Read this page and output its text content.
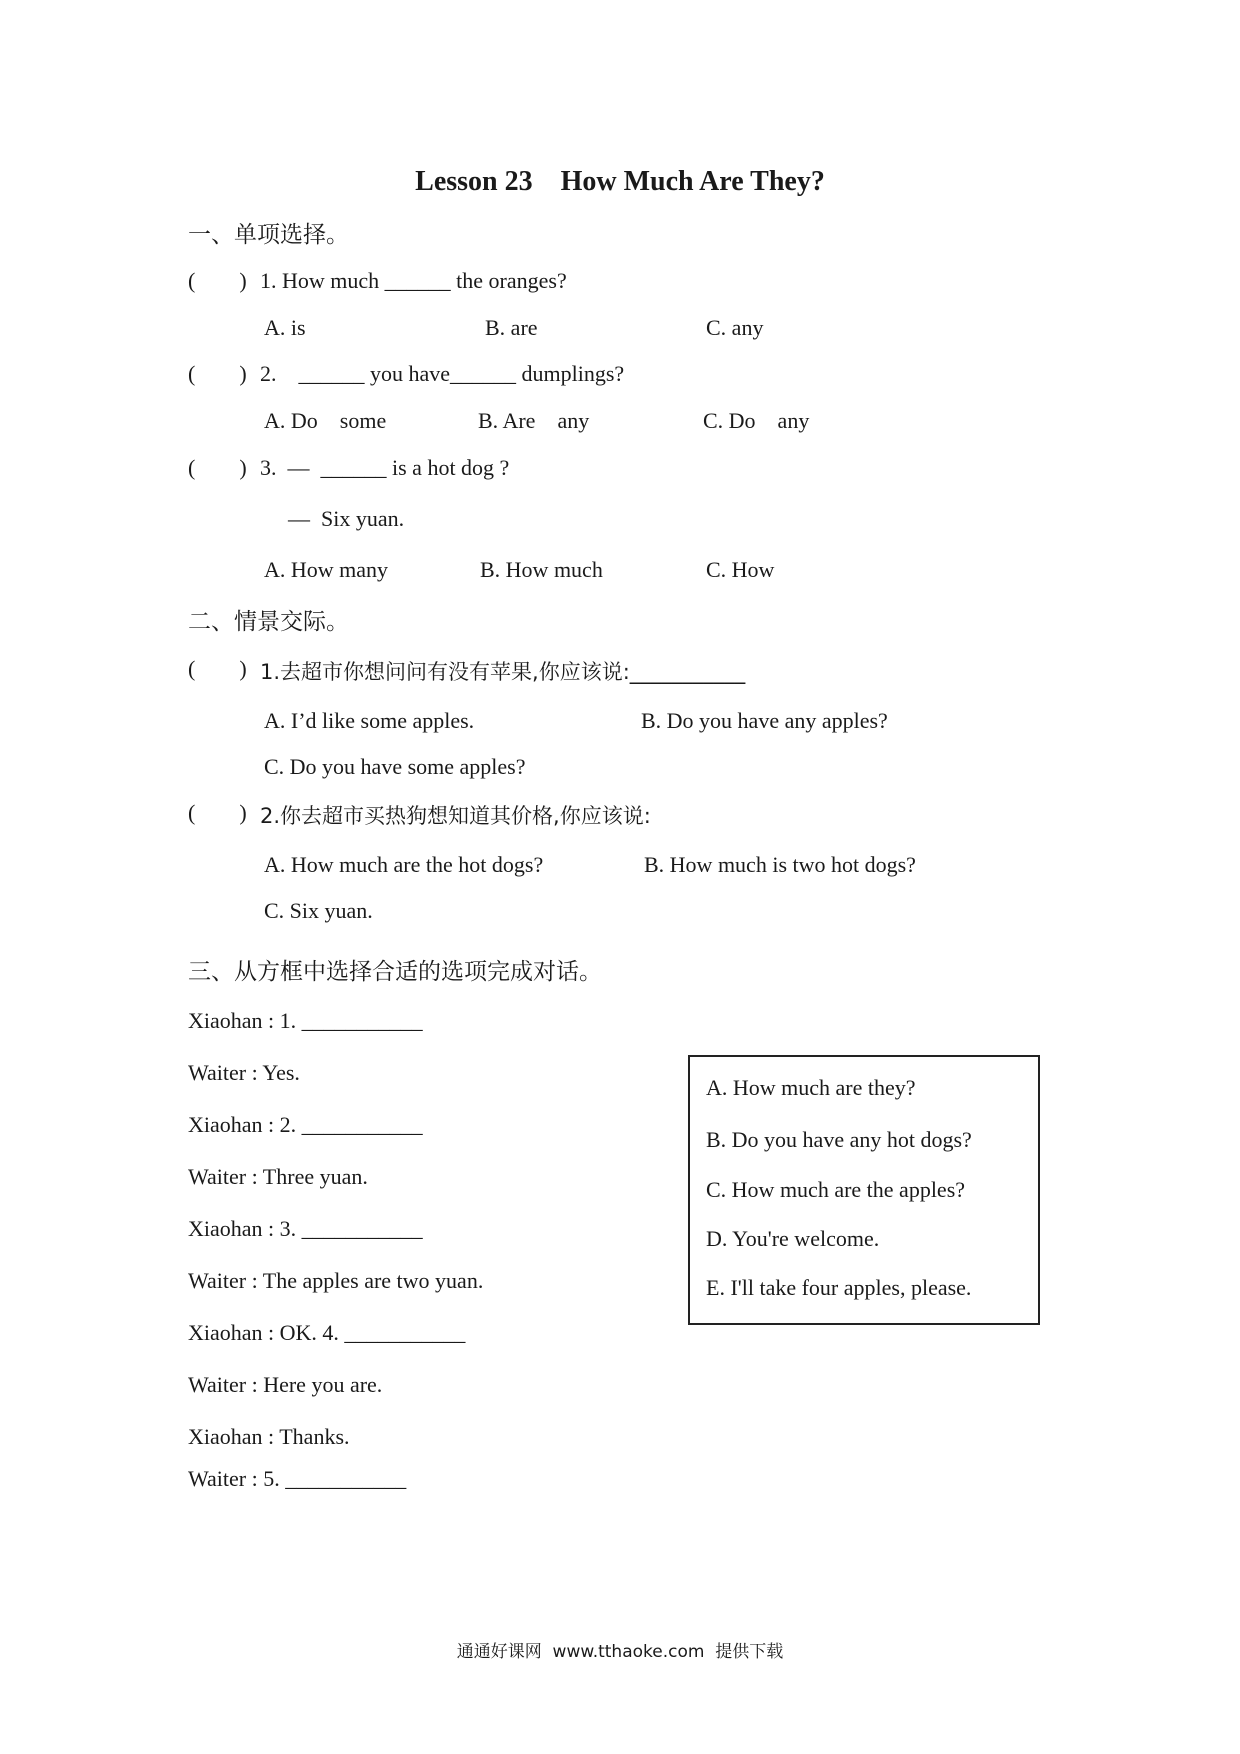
Lesson 23    How Much Are They?
一、单项选择。
(        ) 1. How much ______ the oranges?
A. is	B. are	C. any
(        ) 2.    ______ you have______ dumplings?
A. Do    some	B. Are    any	C. Do    any
(        ) 3.  —  ______ is a hot dog ?
—  Six yuan.
A. How many	B. How much	C. How
二、情景交际。
(        ) 1.去超市你想问问有没有苹果,你应该说:___________
A. I’d like some apples.	B. Do you have any apples?
C. Do you have some apples?
(        ) 2.你去超市买热狗想知道其价格,你应该说:
A. How much are the hot dogs?	B. How much is two hot dogs?
C. Six yuan.
三、从方框中选择合适的选项完成对话。
Xiaohan : 1. ___________
Waiter : Yes.
Xiaohan : 2. ___________
Waiter : Three yuan.
Xiaohan : 3. ___________
Waiter : The apples are two yuan.
Xiaohan : OK. 4. ___________
Waiter : Here you are.
Xiaohan : Thanks.
Waiter : 5. ___________
A. How much are they?
B. Do you have any hot dogs?
C. How much are the apples?
D. You're welcome.
E. I'll take four apples, please.
通通好课网  www.tthaoke.com  提供下载
